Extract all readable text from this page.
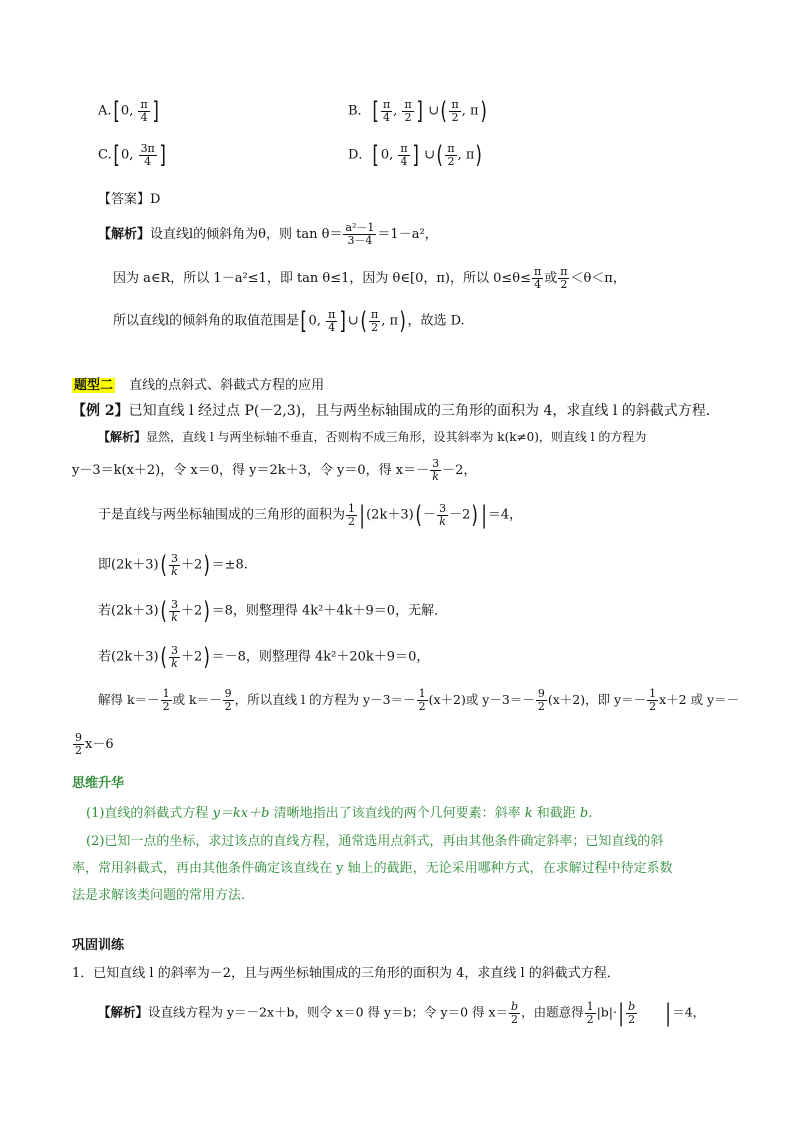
A.[0, $\frac{\pi}{4}$ ]	B．[ $\frac{\pi}{4}$ , $\frac{\pi}{2}$ ] ∪( $\frac{\pi}{2}$ , π)
C.[0, $\frac{3\pi}{4}$ ]	D．[0, $\frac{\pi}{4}$ ] ∪( $\frac{\pi}{2}$ , π)
【答案】D
【解析】设直线l的倾斜角为θ，则 $\tan \theta= \frac{\text{a²－1}}{3-4} =1-a^2$，
因为 a∈R，所以 1－a²≤1，即 tan θ≤1，因为 θ∈[0，π)，所以 $0\le\theta\le \frac{\pi}{4}$ 或 $\frac{\pi}{2} <\theta<\pi$，
所以直线l的倾斜角的取值范围是[0, $\frac{\pi}{4}$ ]∪( $\frac{\pi}{2}$ , π)，故选 D.
题型二 直线的点斜式、斜截式方程的应用
【例 2】已知直线 l 经过点 P(－2,3)，且与两坐标轴围成的三角形的面积为 4，求直线 l 的斜截式方程．
【解析】显然，直线 l 与两坐标轴不垂直，否则构不成三角形，设其斜率为 k(k≠0)，则直线 l 的方程为
y－3＝k(x＋2)，令 x＝0，得 y＝2k＋3，令 y＝0，得 $x=- \frac{3}{k} -2$，
于是直线与两坐标轴围成的三角形的面积为 $\frac{1}{2} |(2k+3)(- \frac{3}{k} -2)$ |＝4，
即$(2k+3)( \frac{3}{k} +2)=\pm 8$.
若$(2k+3)( \frac{3}{k} +2)=8$，则整理得 4k²＋4k＋9＝0，无解．
若$(2k+3)( \frac{3}{k} +2)=-8$，则整理得 4k²＋20k＋9＝0，
解得 $k=- \frac{1}{2}$ 或 $k=- \frac{9}{2}$ ，所以直线 l 的方程为 $y-3=- \frac{1}{2} (x+2)$或 $y-3=- \frac{9}{2} (x+2)$，即 $y=- \frac{1}{2} x+2$ 或 y＝－
$\frac{9}{2} x-6$
思维升华
(1)直线的斜截式方程 y＝kx＋b 清晰地指出了该直线的两个几何要素：斜率 k 和截距 b.
(2)已知一点的坐标，求过该点的直线方程，通常选用点斜式，再由其他条件确定斜率；已知直线的斜
率，常用斜截式，再由其他条件确定该直线在 y 轴上的截距，无论采用哪种方式，在求解过程中待定系数
法是求解该类问题的常用方法．
巩固训练
1．已知直线 l 的斜率为－2，且与两坐标轴围成的三角形的面积为 4，求直线 l 的斜截式方程．
【解析】设直线方程为 y＝－2x＋b，则令 x＝0 得 y＝b；令 y＝0 得 $x= \frac{b}{2}$ ，由题意得 $\frac{1}{2} |b|\cdot| \frac{b}{2} |=4$，
